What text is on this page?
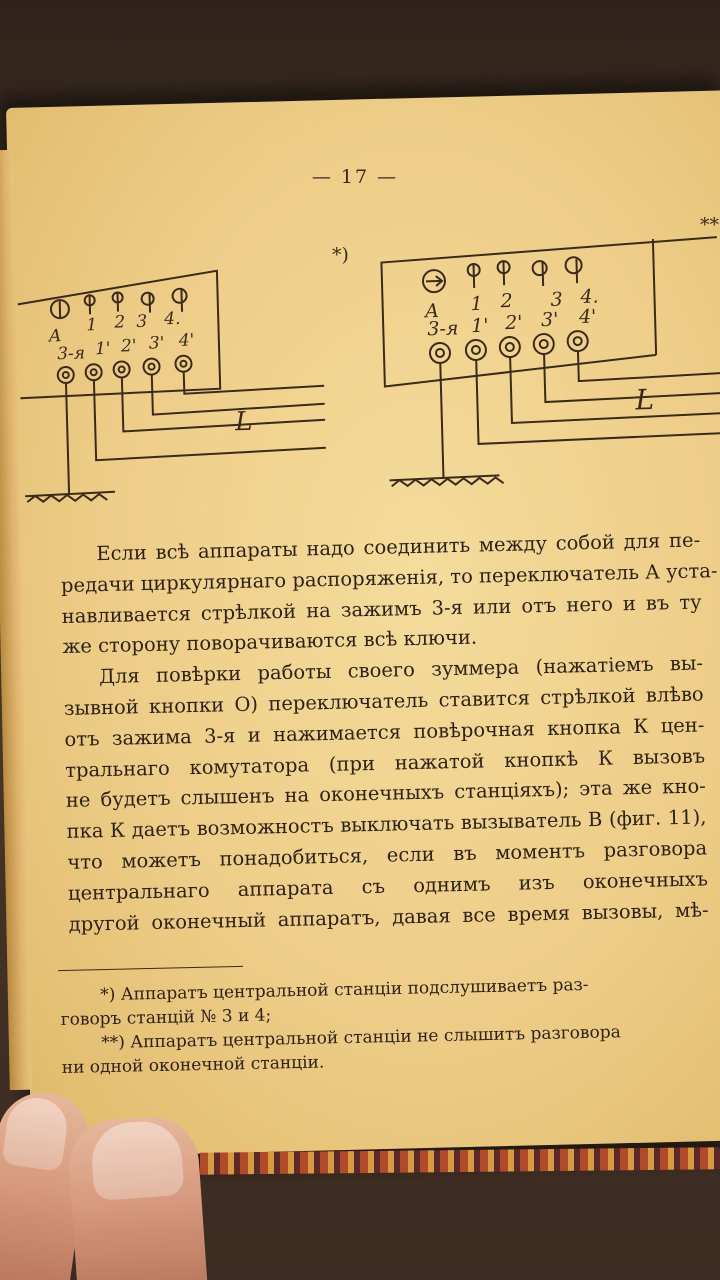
— 17 —
*)
**
А
1 2 3 4.
3-я 1' 2' 3' 4'
L
А 1 2 3 4.
3-я 1' 2' 3' 4'
L
Если всѣ аппараты надо соединить между собой для пе-
редачи циркулярнаго распоряженія, то переключатель А уста-
навливается стрѣлкой на зажимъ 3-я или отъ него и въ ту
же сторону поворачиваются всѣ ключи.
Для повѣрки работы своего зуммера (нажатіемъ вы-
зывной кнопки О) переключатель ставится стрѣлкой влѣво
отъ зажима 3-я и нажимается повѣрочная кнопка К цен-
тральнаго комутатора (при нажатой кнопкѣ К вызовъ
не будетъ слышенъ на оконечныхъ станціяхъ); эта же кно-
пка К даетъ возможностъ выключать вызыватель В (фиг. 11),
что можетъ понадобиться, если въ моментъ разговора
центральнаго аппарата съ однимъ изъ оконечныхъ
другой оконечный аппаратъ, давая все время вызовы, мѣ-
*) Аппаратъ центральной станціи подслушиваетъ раз-
говоръ станцій № 3 и 4;
**) Аппаратъ центральной станціи не слышитъ разговора
ни одной оконечной станціи.
